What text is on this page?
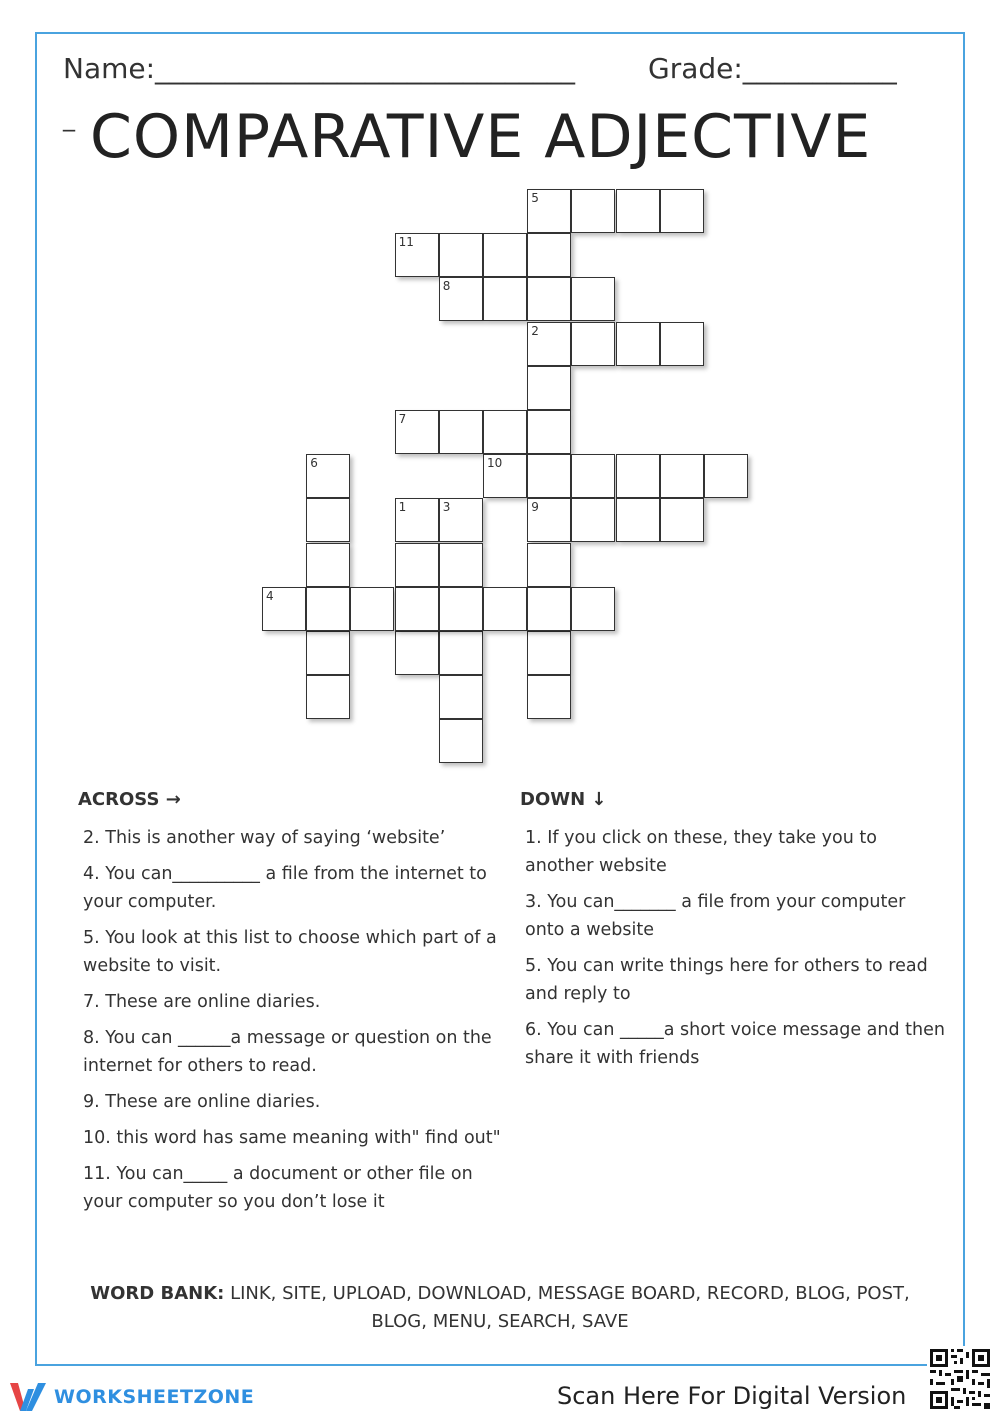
Name:______________________________	Grade:___________
_ COMPARATIVE ADJECTIVE
5
11
8
2
7
10
6
1	3	9
4
ACROSS →
2. This is another way of saying ‘website’
4. You can__________ a file from the internet to your computer.
5. You look at this list to choose which part of a website to visit.
7. These are online diaries.
8. You can ______a message or question on the internet for others to read.
9. These are online diaries.
10. this word has same meaning with" find out"
11. You can_____ a document or other file on your computer so you don’t lose it
DOWN ↓
1. If you click on these, they take you to another website
3. You can_______ a file from your computer onto a website
5. You can write things here for others to read and reply to
6. You can _____a short voice message and then share it with friends
WORD BANK: LINK, SITE, UPLOAD, DOWNLOAD, MESSAGE BOARD, RECORD, BLOG, POST, BLOG, MENU, SEARCH, SAVE
WORKSHEETZONE	Scan Here For Digital Version
